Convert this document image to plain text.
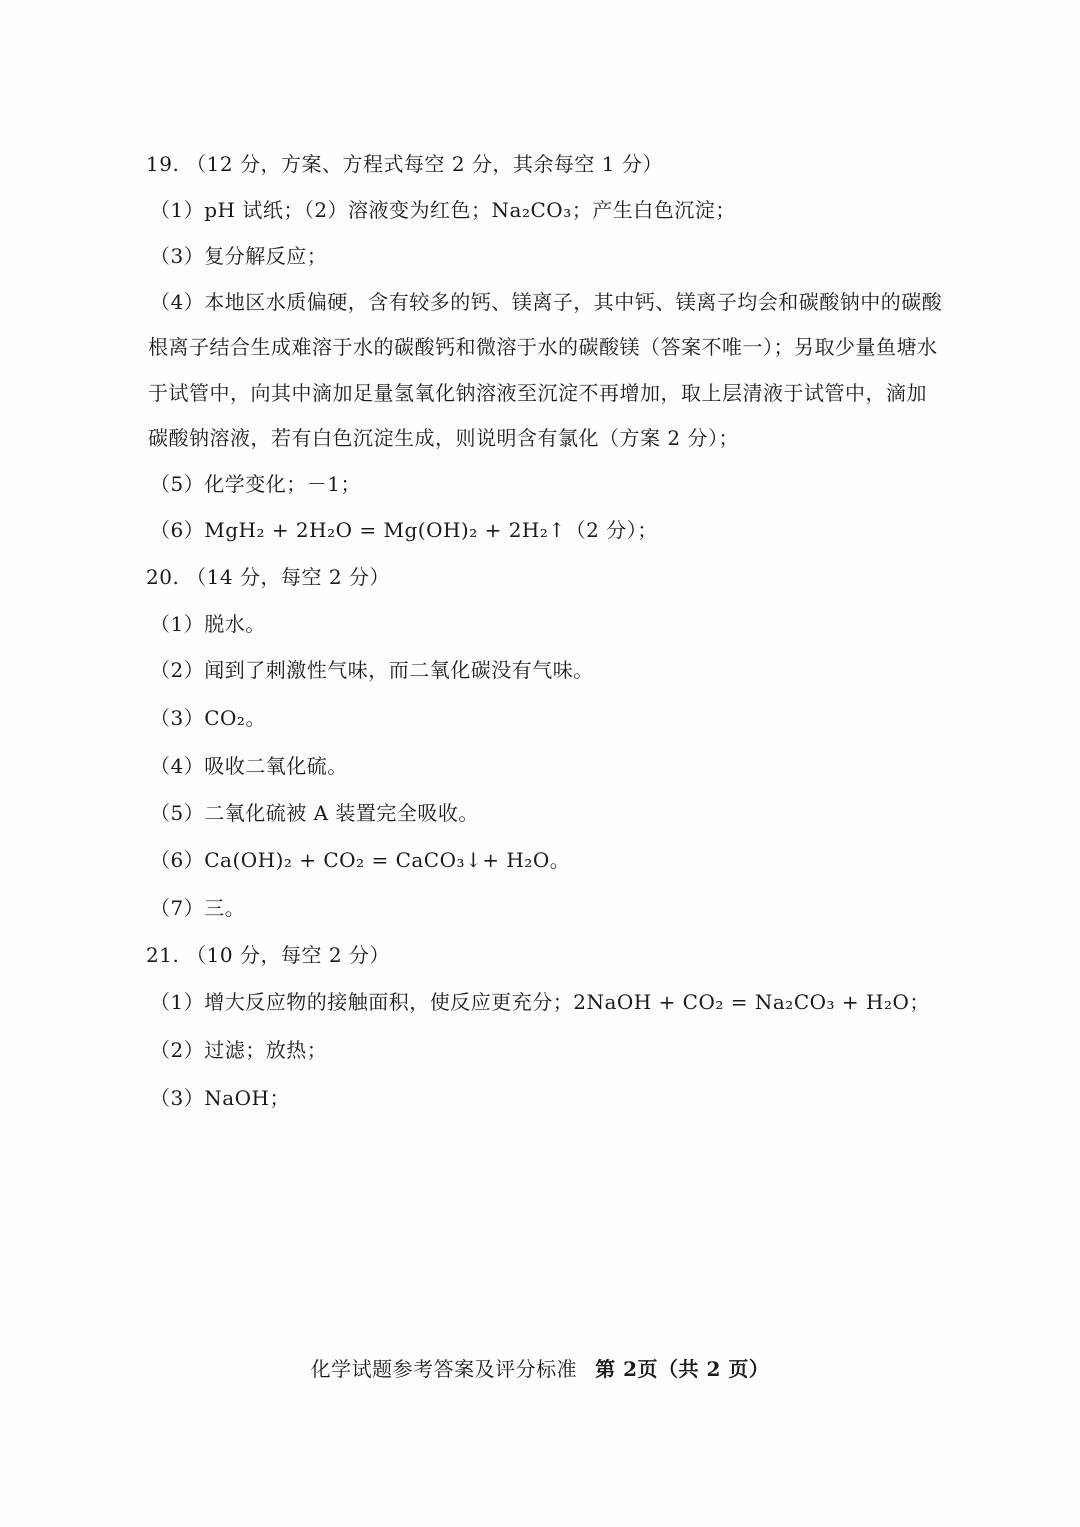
19. （12 分，方案、方程式每空 2 分，其余每空 1 分）
（1）pH 试纸；（2）溶液变为红色；Na₂CO₃；产生白色沉淀；
（3）复分解反应；
（4）本地区水质偏硬，含有较多的钙、镁离子，其中钙、镁离子均会和碳酸钠中的碳酸
根离子结合生成难溶于水的碳酸钙和微溶于水的碳酸镁（答案不唯一）；另取少量鱼塘水
于试管中，向其中滴加足量氢氧化钠溶液至沉淀不再增加，取上层清液于试管中，滴加
碳酸钠溶液，若有白色沉淀生成，则说明含有氯化（方案 2 分）；
（5）化学变化；－1；
（6）MgH₂ + 2H₂O = Mg(OH)₂ + 2H₂↑（2 分）；
20. （14 分，每空 2 分）
（1）脱水。
（2）闻到了刺激性气味，而二氧化碳没有气味。
（3）CO₂。
（4）吸收二氧化硫。
（5）二氧化硫被 A 装置完全吸收。
（6）Ca(OH)₂ + CO₂ = CaCO₃↓+ H₂O。
（7）三。
21. （10 分，每空 2 分）
（1）增大反应物的接触面积，使反应更充分；2NaOH + CO₂ = Na₂CO₃ + H₂O；
（2）过滤；放热；
（3）NaOH；
化学试题参考答案及评分标准 第 2页（共 2 页）
